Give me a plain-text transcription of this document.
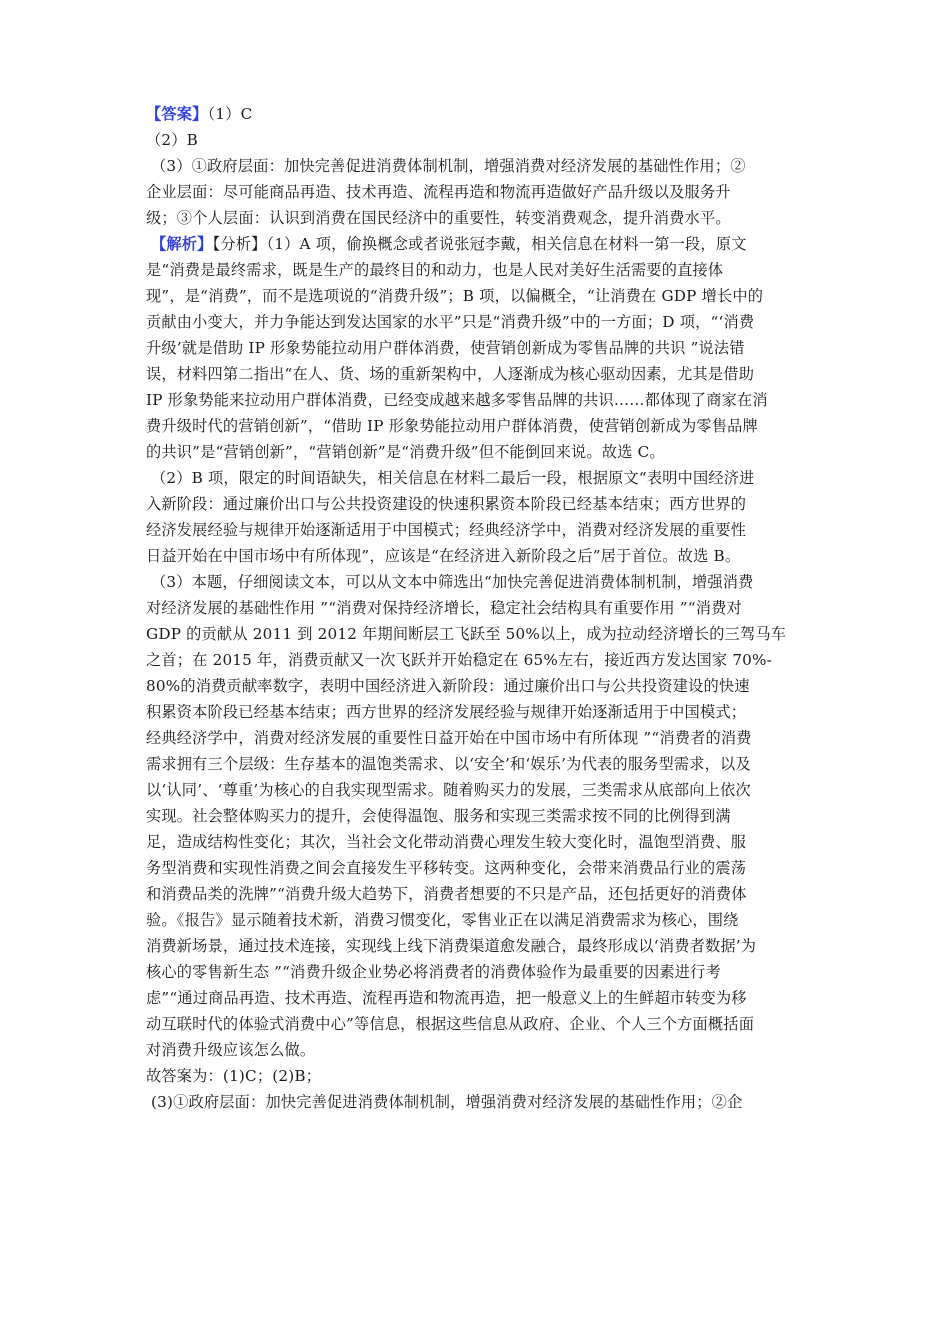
【答案】（1）C
（2）B
（3）①政府层面：加快完善促进消费体制机制，增强消费对经济发展的基础性作用；②
企业层面：尽可能商品再造、技术再造、流程再造和物流再造做好产品升级以及服务升
级；③个人层面：认识到消费在国民经济中的重要性，转变消费观念，提升消费水平。
【解析】【分析】（1）A 项，偷换概念或者说张冠李戴，相关信息在材料一第一段，原文
是“消费是最终需求，既是生产的最终目的和动力，也是人民对美好生活需要的直接体
现”，是“消费”，而不是选项说的“消费升级”；B 项，以偏概全，“让消费在 GDP 增长中的
贡献由小变大，并力争能达到发达国家的水平”只是“消费升级”中的一方面；D 项，“‘消费
升级’就是借助 IP 形象势能拉动用户群体消费，使营销创新成为零售品牌的共识 ”说法错
误，材料四第二指出“在人、货、场的重新架构中，人逐渐成为核心驱动因素，尤其是借助
IP 形象势能来拉动用户群体消费，已经变成越来越多零售品牌的共识……都体现了商家在消
费升级时代的营销创新”，“借助 IP 形象势能拉动用户群体消费，使营销创新成为零售品牌
的共识”是“营销创新”，“营销创新”是“消费升级”但不能倒回来说。故选 C。
（2）B 项，限定的时间语缺失，相关信息在材料二最后一段，根据原文“表明中国经济进
入新阶段：通过廉价出口与公共投资建设的快速积累资本阶段已经基本结束；西方世界的
经济发展经验与规律开始逐渐适用于中国模式；经典经济学中，消费对经济发展的重要性
日益开始在中国市场中有所体现”，应该是“在经济进入新阶段之后”居于首位。故选 B。
（3）本题，仔细阅读文本，可以从文本中筛选出“加快完善促进消费体制机制，增强消费
对经济发展的基础性作用 ”“消费对保持经济增长，稳定社会结构具有重要作用 ”“消费对
GDP 的贡献从 2011 到 2012 年期间断层工飞跃至 50%以上，成为拉动经济增长的三驾马车
之首；在 2015 年，消费贡献又一次飞跃并开始稳定在 65%左右，接近西方发达国家 70%-
80%的消费贡献率数字，表明中国经济进入新阶段：通过廉价出口与公共投资建设的快速
积累资本阶段已经基本结束；西方世界的经济发展经验与规律开始逐渐适用于中国模式；
经典经济学中，消费对经济发展的重要性日益开始在中国市场中有所体现 ”“消费者的消费
需求拥有三个层级：生存基本的温饱类需求、以‘安全’和‘娱乐’为代表的服务型需求，以及
以‘认同’、‘尊重’为核心的自我实现型需求。随着购买力的发展，三类需求从底部向上依次
实现。社会整体购买力的提升，会使得温饱、服务和实现三类需求按不同的比例得到满
足，造成结构性变化；其次，当社会文化带动消费心理发生较大变化时，温饱型消费、服
务型消费和实现性消费之间会直接发生平移转变。这两种变化，会带来消费品行业的震荡
和消费品类的洗牌”“消费升级大趋势下，消费者想要的不只是产品，还包括更好的消费体
验。《报告》显示随着技术新，消费习惯变化，零售业正在以满足消费需求为核心，围绕
消费新场景，通过技术连接，实现线上线下消费渠道愈发融合，最终形成以‘消费者数据’为
核心的零售新生态 ”“消费升级企业势必将消费者的消费体验作为最重要的因素进行考
虑”“通过商品再造、技术再造、流程再造和物流再造，把一般意义上的生鲜超市转变为移
动互联时代的体验式消费中心”等信息，根据这些信息从政府、企业、个人三个方面概括面
对消费升级应该怎么做。
故答案为：(1)C；(2)B；
(3)①政府层面：加快完善促进消费体制机制，增强消费对经济发展的基础性作用；②企
